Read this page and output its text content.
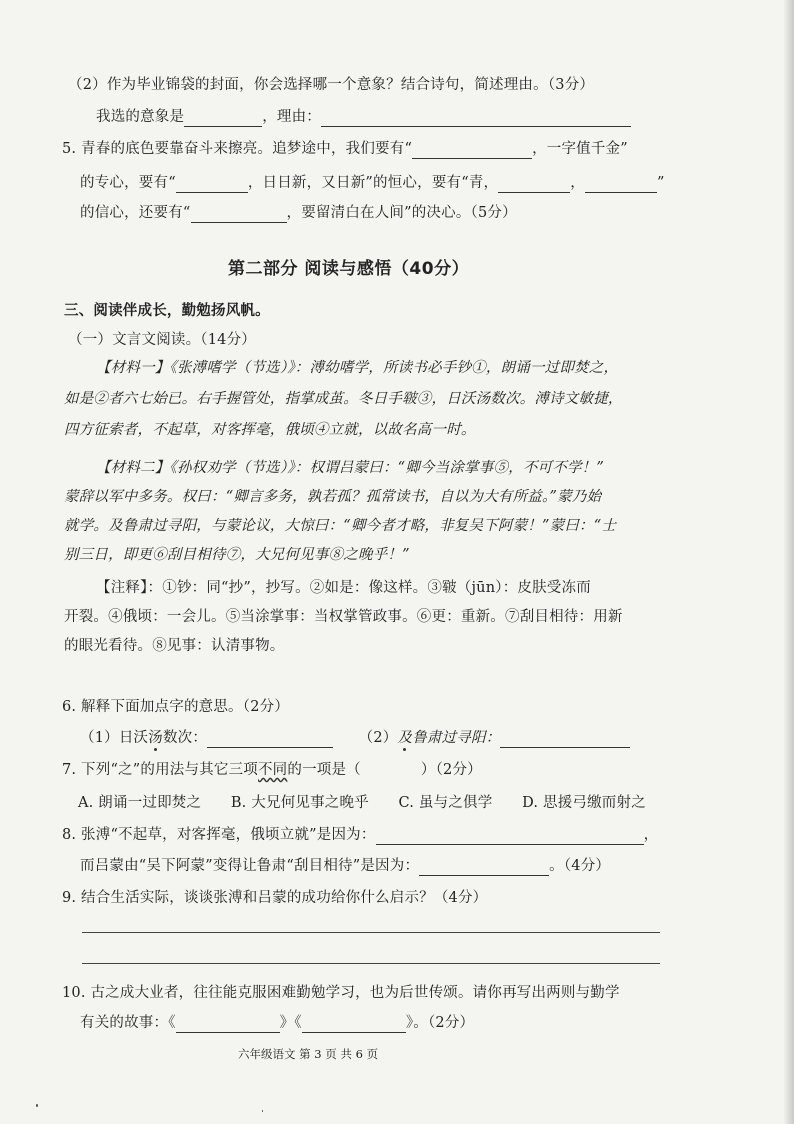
（2）作为毕业锦袋的封面，你会选择哪一个意象？结合诗句，简述理由。（3分）
我选的意象是	，理由：
5. 青春的底色要靠奋斗来擦亮。追梦途中，我们要有“	，一字值千金”
的专心，要有“	，日日新，又日新”的恒心，要有“青，	，	”
的信心，还要有“	，要留清白在人间”的决心。（5分）
第二部分 阅读与感悟（40分）
三、阅读伴成长，勤勉扬风帆。
（一）文言文阅读。（14分）
【材料一】《张溥嗜学（节选）》：溥幼嗜学，所读书必手钞①，朗诵一过即焚之，
如是②者六七始已。右手握管处，指掌成茧。冬日手皲③，日沃汤数次。溥诗文敏捷，
四方征索者，不起草，对客挥毫，俄顷④立就，以故名高一时。
【材料二】《孙权劝学（节选）》：权谓吕蒙曰：“卿今当涂掌事⑤，不可不学！”
蒙辞以军中多务。权曰：“卿言多务，孰若孤？孤常读书，自以为大有所益。”蒙乃始
就学。及鲁肃过寻阳，与蒙论议，大惊曰：“卿今者才略，非复吴下阿蒙！”蒙曰：“士
别三日，即更⑥刮目相待⑦，大兄何见事⑧之晚乎！”
【注释】：①钞：同“抄”，抄写。②如是：像这样。③皲（jūn）：皮肤受冻而
开裂。④俄顷：一会儿。⑤当涂掌事：当权掌管政事。⑥更：重新。⑦刮目相待：用新
的眼光看待。⑧见事：认清事物。
6. 解释下面加点字的意思。（2分）
（1）日沃汤数次：	（2）及鲁肃过寻阳：
7. 下列“之”的用法与其它三项不同的一项是（	）（2分）
A. 朗诵一过即焚之 B. 大兄何见事之晚乎 C. 虽与之俱学 D. 思援弓缴而射之
8. 张溥“不起草，对客挥毫，俄顷立就”是因为：	，
而吕蒙由“吴下阿蒙”变得让鲁肃“刮目相待”是因为：	。（4分）
9. 结合生活实际，谈谈张溥和吕蒙的成功给你什么启示？（4分）
10. 古之成大业者，往往能克服困难勤勉学习，也为后世传颂。请你再写出两则与勤学
有关的故事：《	》《	》。（2分）
六年级语文 第 3 页 共 6 页
